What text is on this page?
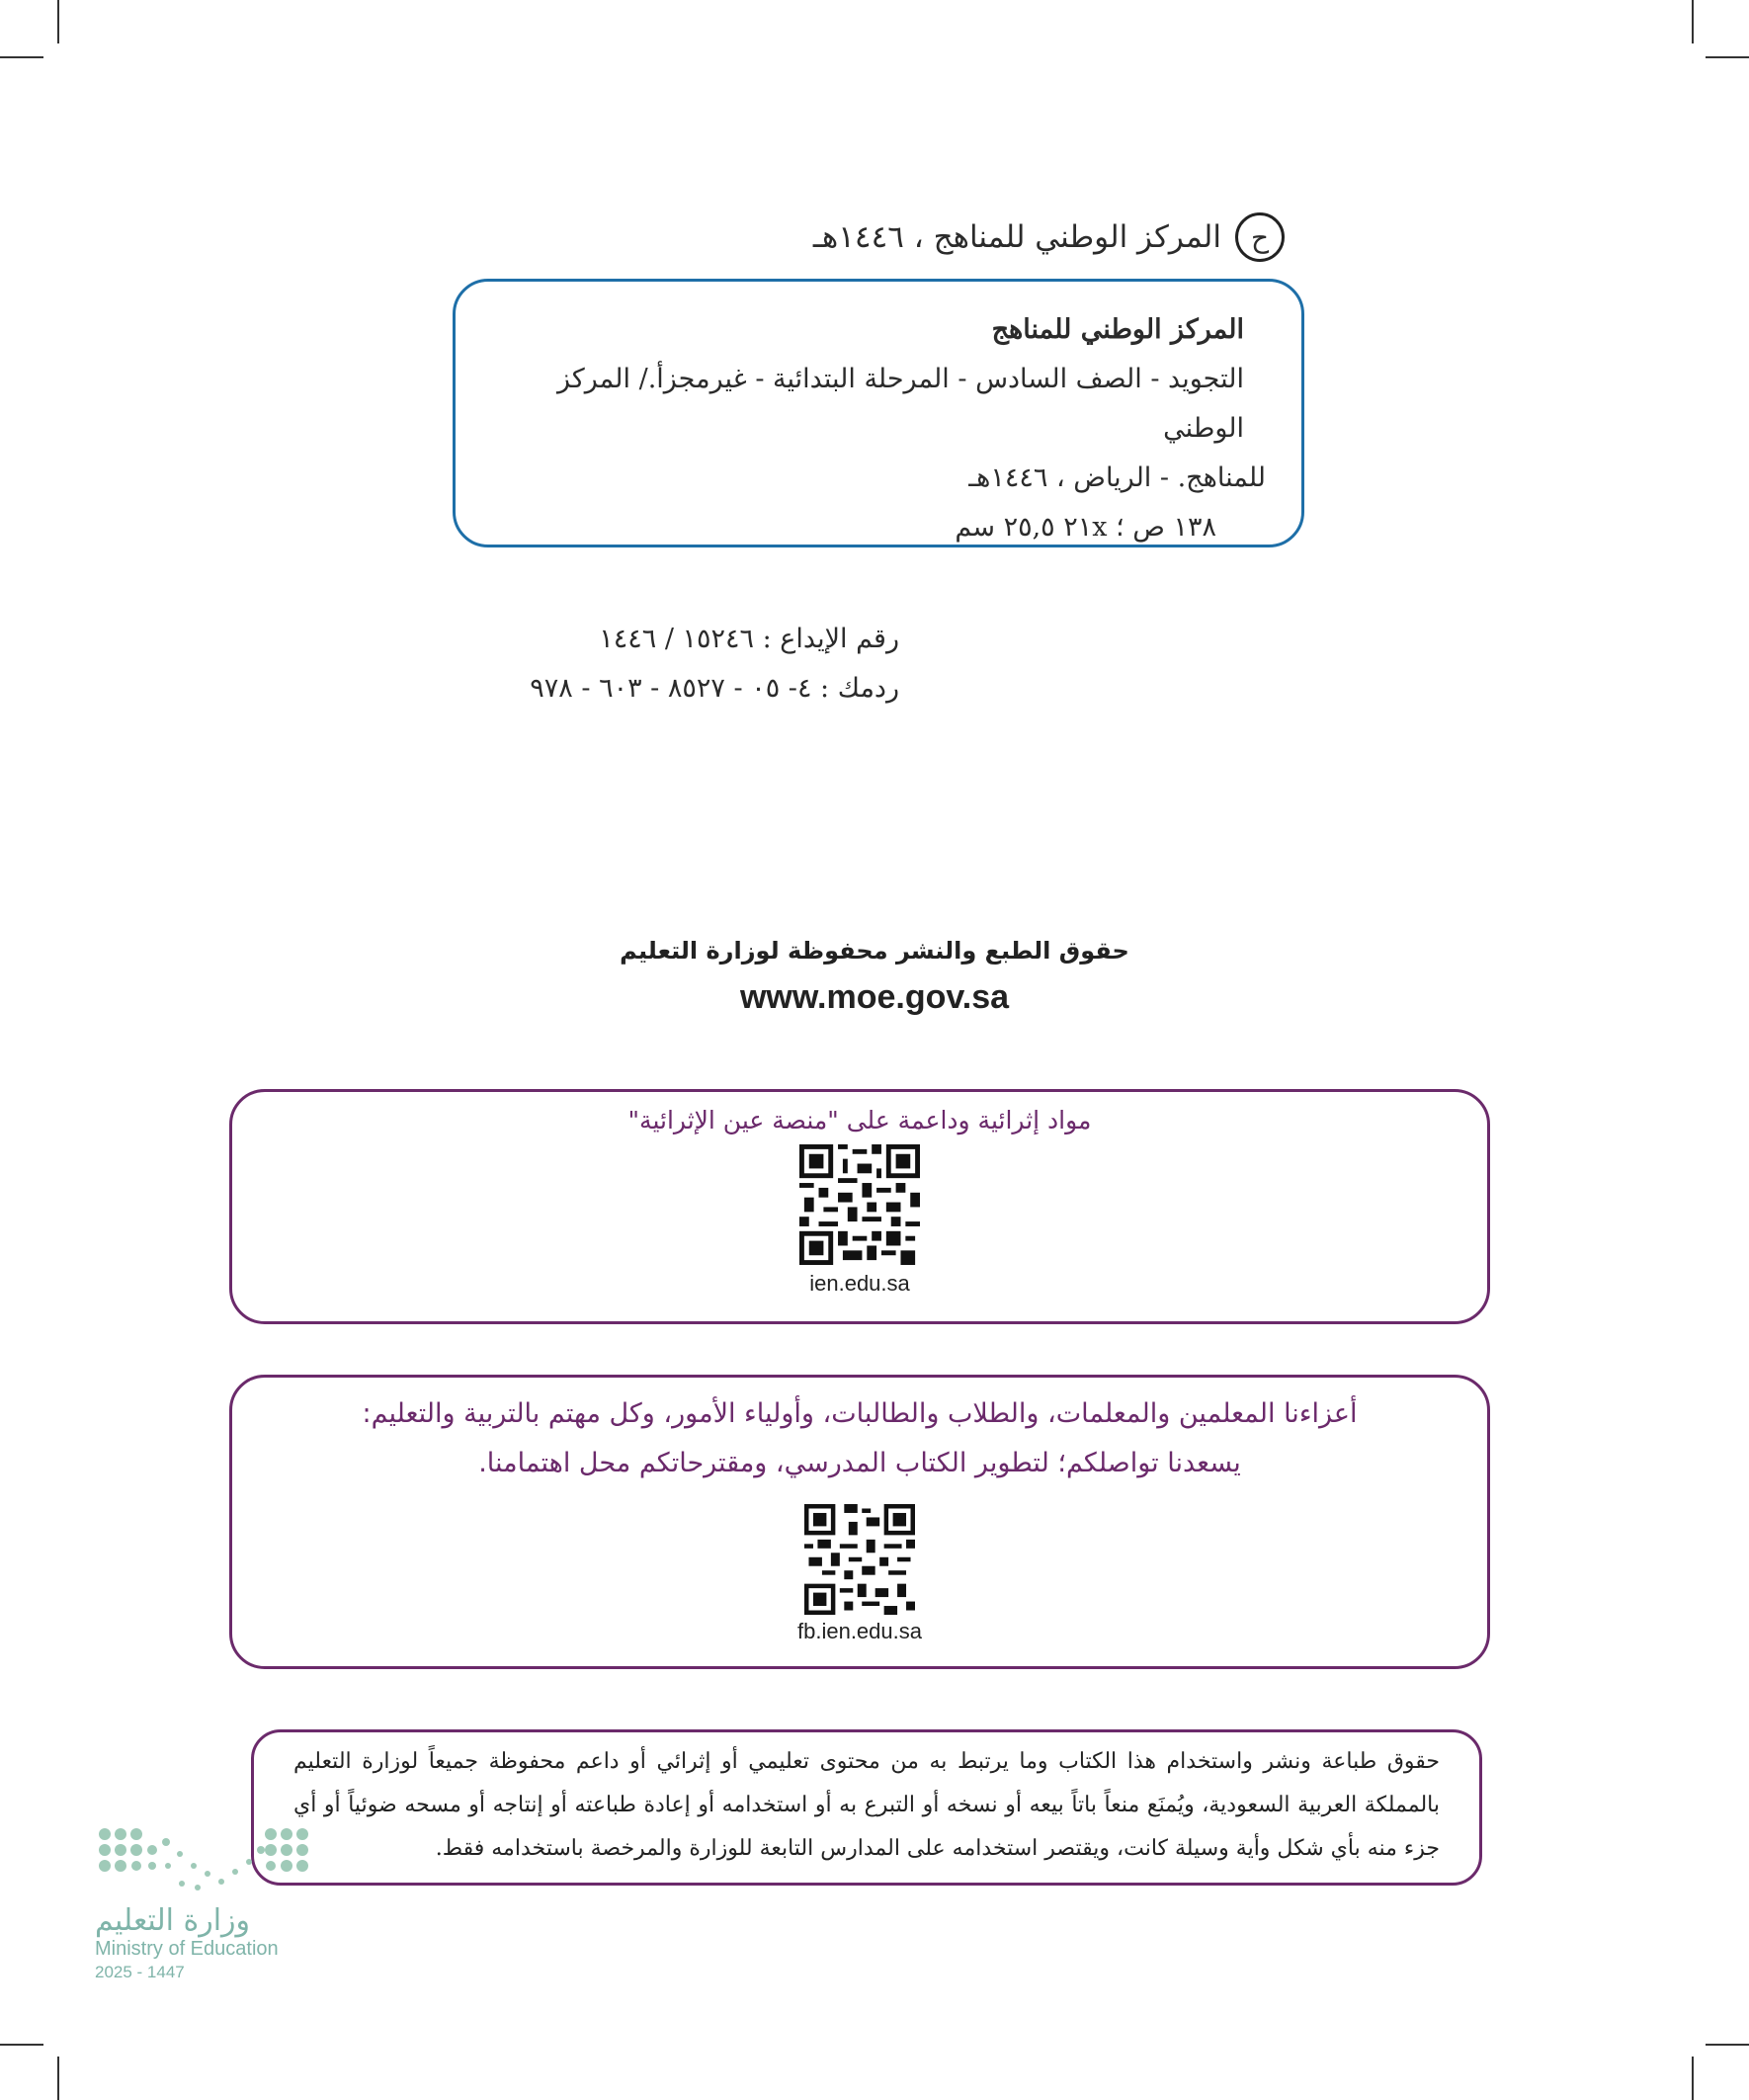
ح
المركز الوطني للمناهج ، ١٤٤٦هـ
المركز الوطني للمناهج
التجويد - الصف السادس - المرحلة البتدائية - غيرمجزأ./ المركز الوطني
للمناهج. - الرياض ، ١٤٤٦هـ
١٣٨ ص ؛ ٢١x ٢٥,٥ سم
رقم الإيداع : ١٥٢٤٦ / ١٤٤٦
ردمك : ٤- ٠٥ - ٨٥٢٧ - ٦٠٣ - ٩٧٨
حقوق الطبع والنشر محفوظة لوزارة التعليم
www.moe.gov.sa
مواد إثرائية وداعمة على "منصة عين الإثرائية"
ien.edu.sa
أعزاءنا المعلمين والمعلمات، والطلاب والطالبات، وأولياء الأمور، وكل مهتم بالتربية والتعليم:
يسعدنا تواصلكم؛ لتطوير الكتاب المدرسي، ومقترحاتكم محل اهتمامنا.
fb.ien.edu.sa
حقوق طباعة ونشر واستخدام هذا الكتاب وما يرتبط به من محتوى تعليمي أو إثرائي أو داعم محفوظة جميعاً لوزارة التعليم بالمملكة العربية السعودية، ويُمنَع منعاً باتاً بيعه أو نسخه أو التبرع به أو استخدامه أو إعادة طباعته أو إنتاجه أو مسحه ضوئياً أو أي جزء منه بأي شكل وأية وسيلة كانت، ويقتصر استخدامه على المدارس التابعة للوزارة والمرخصة باستخدامه فقط.
وزارة التعليم
Ministry of Education
2025 - 1447
